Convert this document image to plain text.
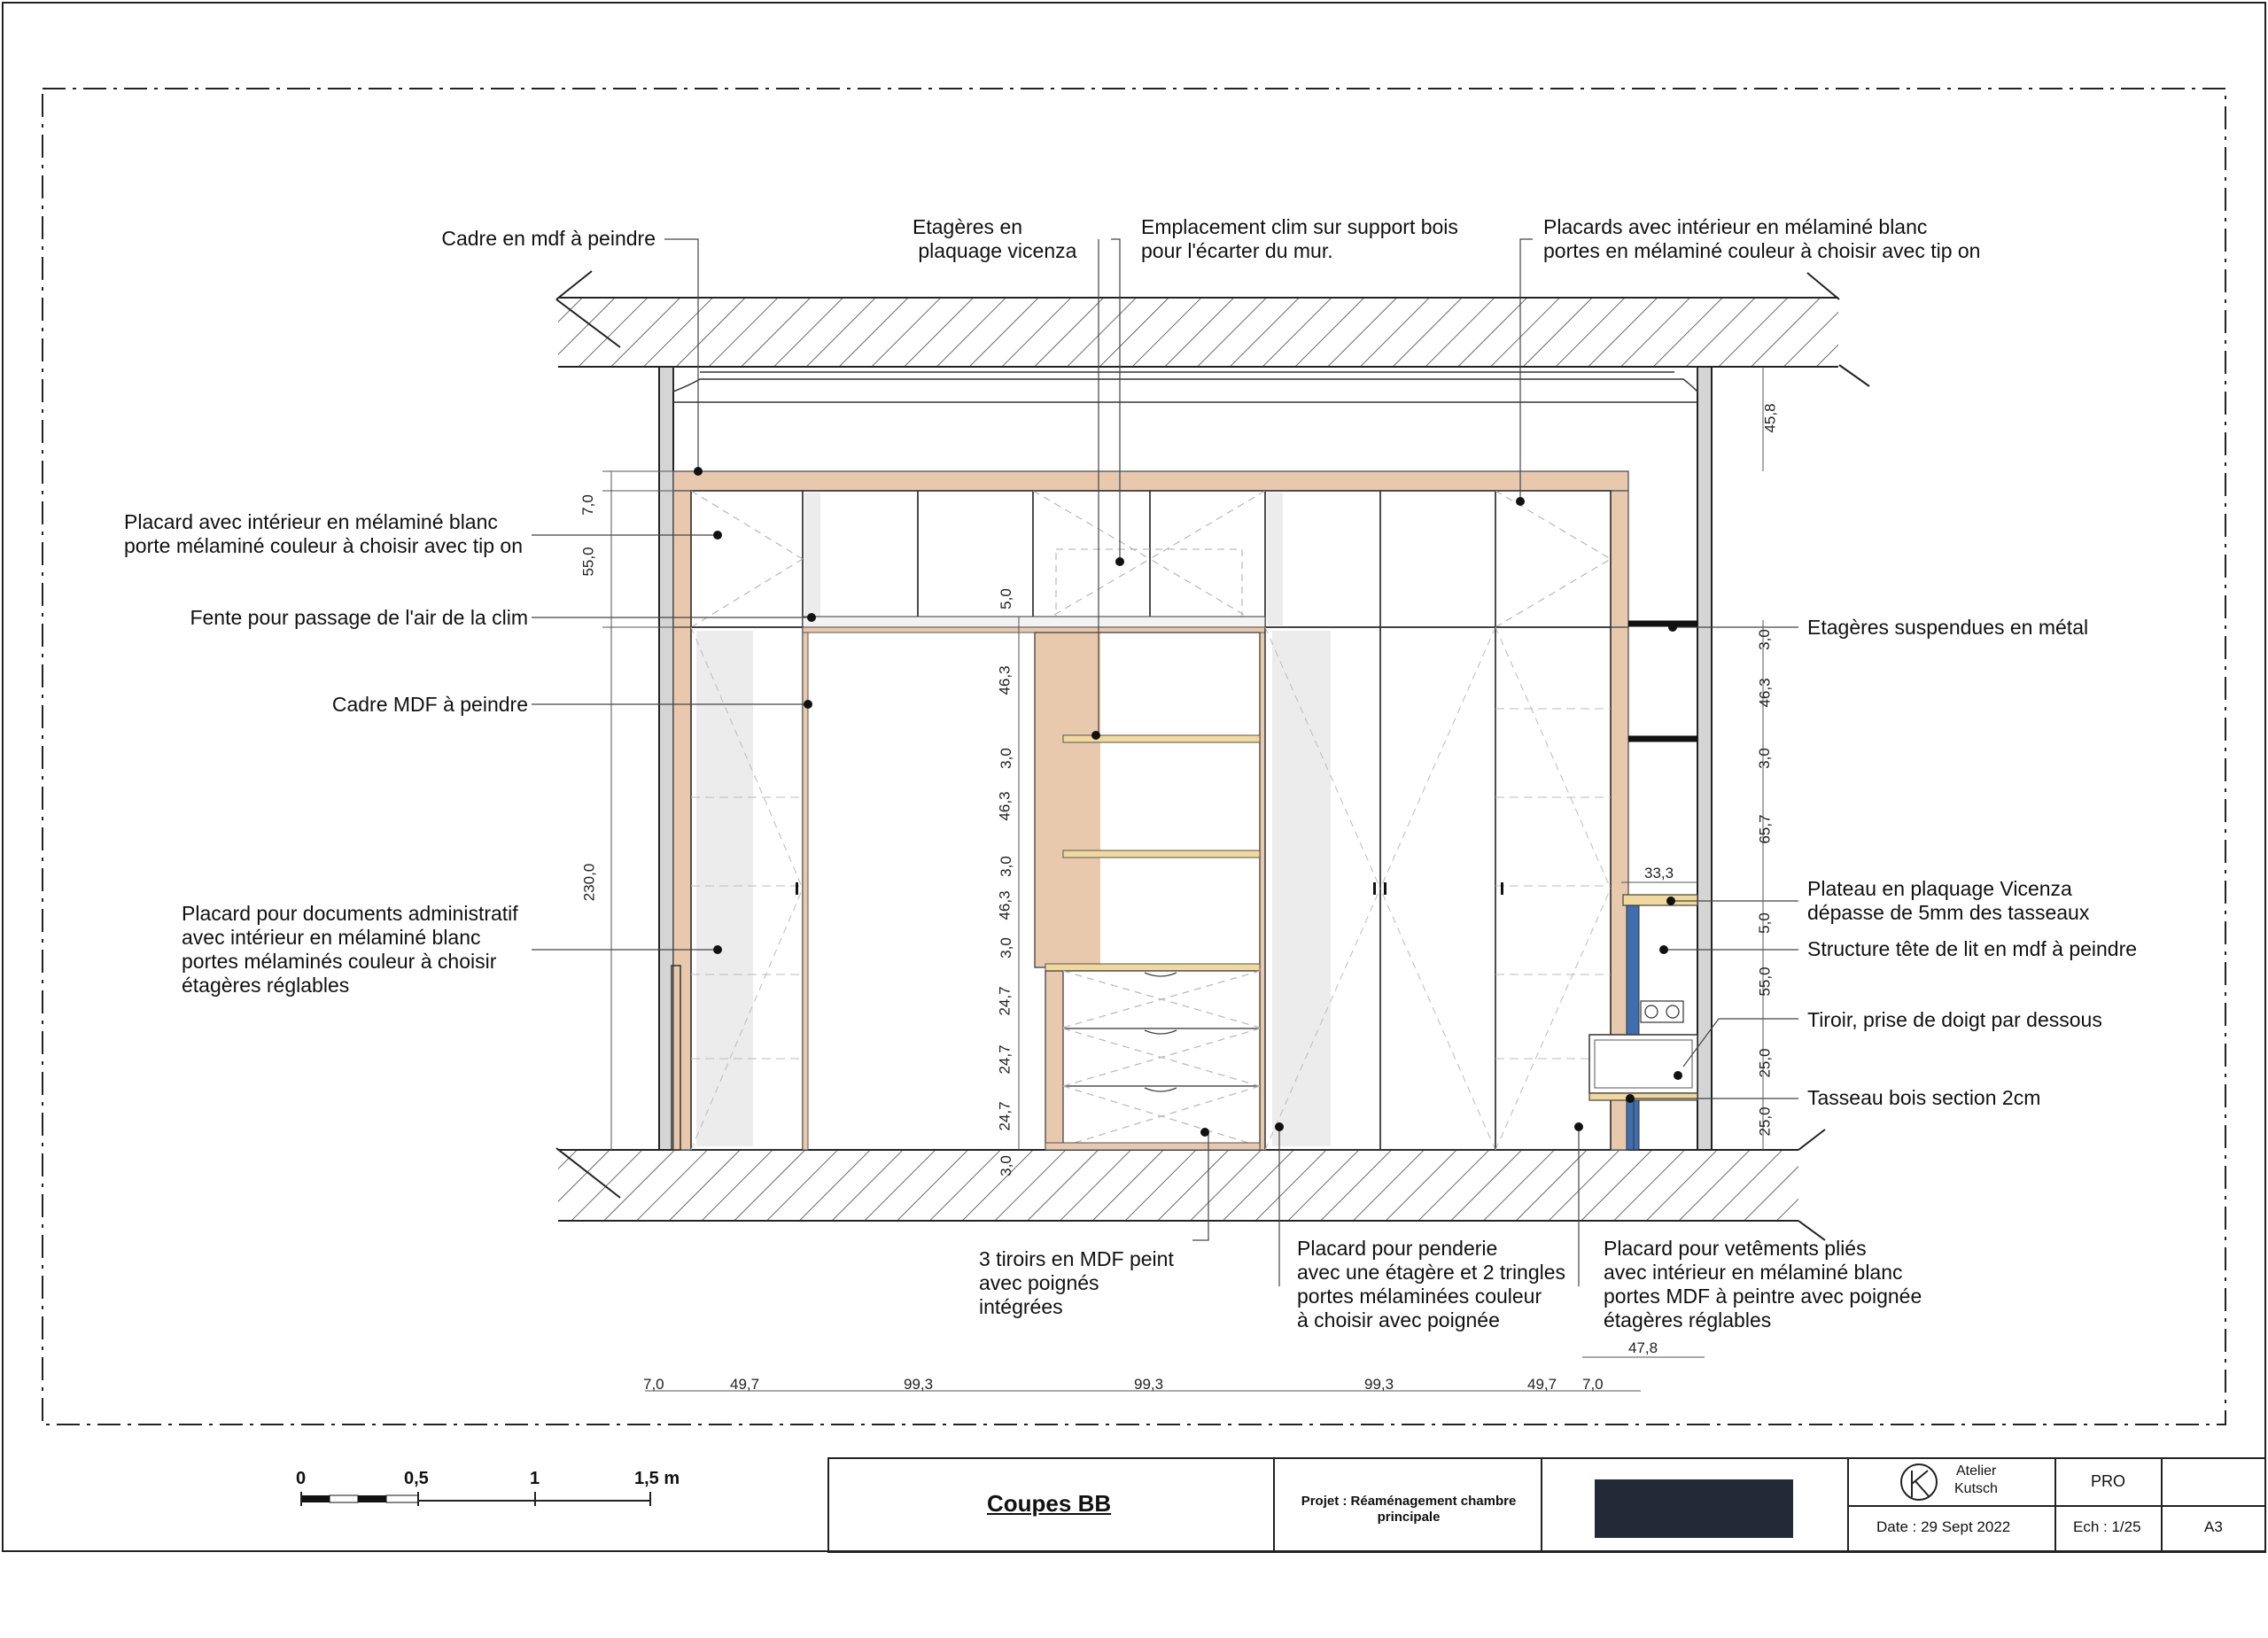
Cadre en mdf à peindre
Placard avec intérieur en mélaminé blanc
porte mélaminé couleur à choisir avec tip on
Fente pour passage de l'air de la clim
Cadre MDF à peindre
Placard pour documents administratif
avec intérieur en mélaminé blanc
portes mélaminés couleur à choisir
étagères réglables
Etagères en
plaquage vicenza
Emplacement clim sur support bois
pour l'écarter du mur.
Placards avec intérieur en mélaminé blanc
portes en mélaminé couleur à choisir avec tip on
Etagères suspendues en métal
Plateau en plaquage Vicenza
dépasse de 5mm des tasseaux
Structure tête de lit en mdf à peindre
Tiroir, prise de doigt par dessous
Tasseau bois section 2cm
3 tiroirs en MDF peint
avec poignés
intégrées
Placard pour penderie
avec une étagère et 2 tringles
portes mélaminées couleur
à choisir avec poignée
Placard pour vetêments pliés
avec intérieur en mélaminé blanc
portes MDF à peintre avec poignée
étagères réglables
7,0
55,0
230,0
5,0
46,3
3,0
46,3
3,0
46,3
3,0
24,7
24,7
24,7
3,0
45,8
3,0
46,3
3,0
65,7
5,0
55,0
25,0
25,0
33,3
47,8
7,0	49,7	99,3	99,3	99,3	49,7 7,0
0	0,5	1	1,5 m
Coupes BB	Projet : Réaménagement chambre principale
Atelier
Kutsch	PRO
Date : 29 Sept 2022	Ech : 1/25	A3
